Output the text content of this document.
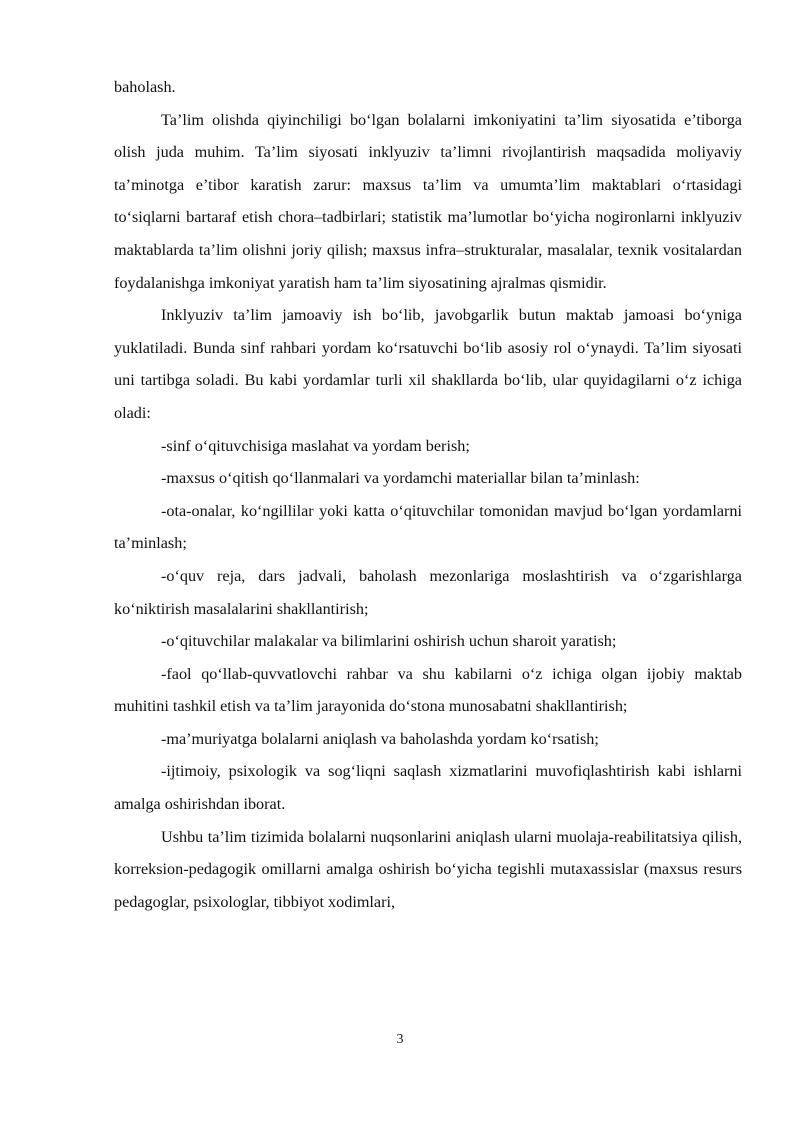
baholash.

Ta’lim olishda qiyinchiligi bo‘lgan bolalarni imkoniyatini ta’lim siyosatida e’tiborga olish juda muhim. Ta’lim siyosati inklyuziv ta’limni rivojlantirish maqsadida moliyaviy ta’minotga e’tibor karatish zarur: maxsus ta’lim va umumta’lim maktablari o‘rtasidagi to‘siqlarni bartaraf etish chora–tadbirlari; statistik ma’lumotlar bo‘yicha nogironlarni inklyuziv maktablarda ta’lim olishni joriy qilish; maxsus infra–strukturalar, masalalar, texnik vositalardan foydalanishga imkoniyat yaratish ham ta’lim siyosatining ajralmas qismidir.

Inklyuziv ta’lim jamoaviy ish bo‘lib, javobgarlik butun maktab jamoasi bo‘yniga yuklatiladi. Bunda sinf rahbari yordam ko‘rsatuvchi bo‘lib asosiy rol o‘ynaydi. Ta’lim siyosati uni tartibga soladi. Bu kabi yordamlar turli xil shakllarda bo‘lib, ular quyidagilarni o‘z ichiga oladi:

-sinf o‘qituvchisiga maslahat va yordam berish;

-maxsus o‘qitish qo‘llanmalari va yordamchi materiallar bilan ta’minlash:

-ota-onalar, ko‘ngillilar yoki katta o‘qituvchilar tomonidan mavjud bo‘lgan yordamlarni ta’minlash;

-o‘quv reja, dars jadvali, baholash mezonlariga moslashtirish va o‘zgarishlarga ko‘niktirish masalalarini shakllantirish;

-o‘qituvchilar malakalar va bilimlarini oshirish uchun sharoit yaratish;

-faol qo‘llab-quvvatlovchi rahbar va shu kabilarni o‘z ichiga olgan ijobiy maktab muhitini tashkil etish va ta’lim jarayonida do‘stona munosabatni shakllantirish;

-ma’muriyatga bolalarni aniqlash va baholashda yordam ko‘rsatish;

-ijtimoiy, psixologik va sog‘liqni saqlash xizmatlarini muvofiqlashtirish kabi ishlarni amalga oshirishdan iborat.

Ushbu ta’lim tizimida bolalarni nuqsonlarini aniqlash ularni muolaja-reabilitatsiya qilish, korreksion-pedagogik omillarni amalga oshirish bo‘yicha tegishli mutaxassislar (maxsus resurs pedagoglar, psixologlar, tibbiyot xodimlari,

3
